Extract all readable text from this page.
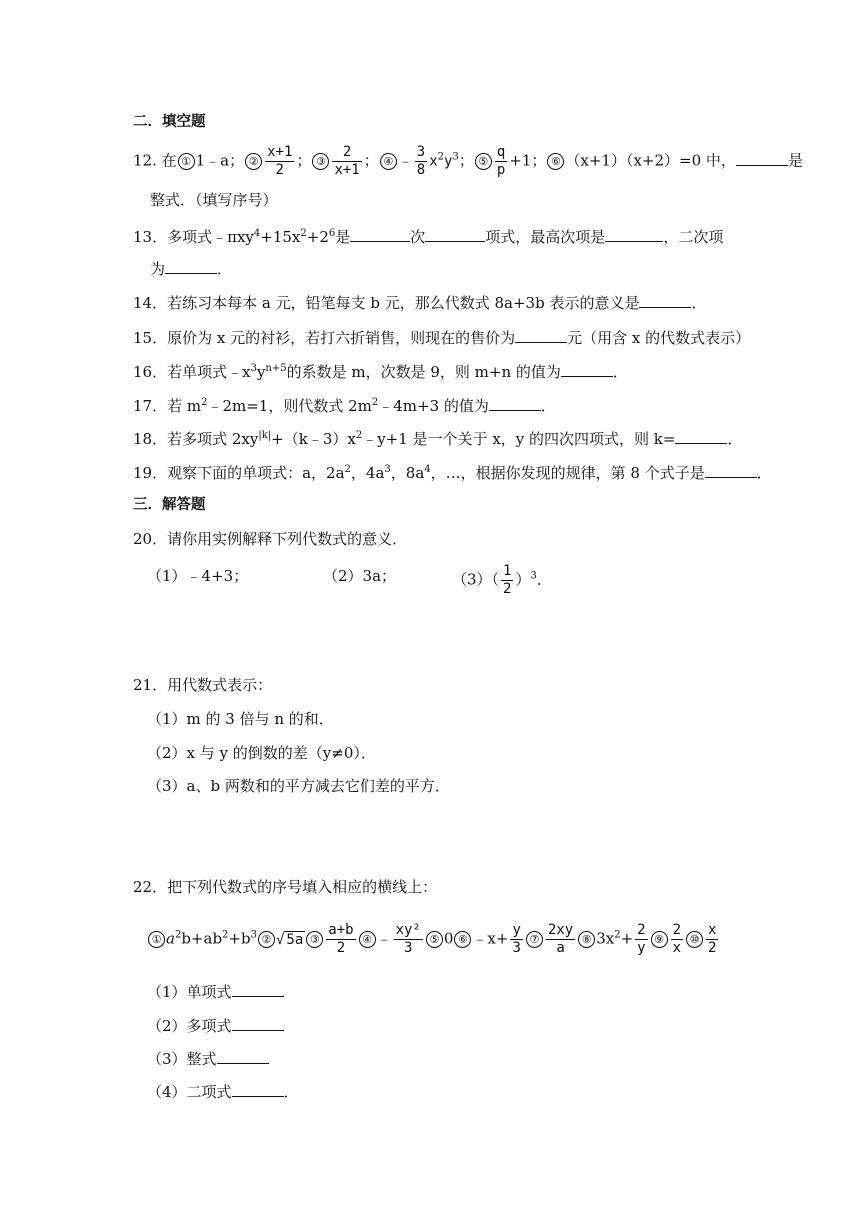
二．填空题
12. 在 ① 1﹣a； ② $\frac{x+1}{2}$ ； ③ $\frac{2}{x+1}$ ； ④ ﹣ $\frac{3}{8} x^2y^3$； ⑤ $\frac{q}{p} +1$； ⑥ （x+1）（x+2）=0 中，	是
整式．（填写序号）
13．多项式$﹣\pi xy^4+15x^2+2^6$是	次	项式，最高次项是	，二次项
为	．
14．若练习本每本 a 元，铅笔每支 b 元，那么代数式 8a+3b 表示的意义是	．
15．原价为 x 元的衬衫，若打六折销售，则现在的售价为	元（用含 x 的代数式表示）
16．若单项式$﹣x^3y^{n+5}$的系数是 m，次数是 9，则 m+n 的值为	．
17．若 $m^2﹣2m=1$，则代数式 $2m^2﹣4m+3$ 的值为	．
18．若多项式 $2xy^{|k|}+(k﹣3)x^2﹣y+1$ 是一个关于 x，y 的四次四项式，则 k=	．
19．观察下面的单项式：a，$2a^2$，$4a^3$，$8a^4$，…，根据你发现的规律，第 8 个式子是	．
三．解答题
20．请你用实例解释下列代数式的意义．
（1）﹣4+3；	（2）3a；	$(3)( \frac{1}{2} )^3$．
21．用代数式表示：
（1）m 的 3 倍与 n 的和．
（2）x 与 y 的倒数的差（y≠0）．
（3）a、b 两数和的平方减去它们差的平方．
22．把下列代数式的序号填入相应的横线上：
① $a^2b+ab^2+b^3$ ② √ 5a ③ $\frac{a+b}{2}$ ④ ﹣ $\frac{\text{xy²}}{3}$ ⑤ 0 ⑥ ﹣x+ $\frac{y}{3}$ ⑦ $\frac{2xy}{a}$ ⑧ $3x^2+ \frac{2}{y}$ ⑨ $\frac{2}{x}$ ⑩ $\frac{x}{2}$
（1）单项式
（2）多项式
（3）整式
（4）二项式	．
